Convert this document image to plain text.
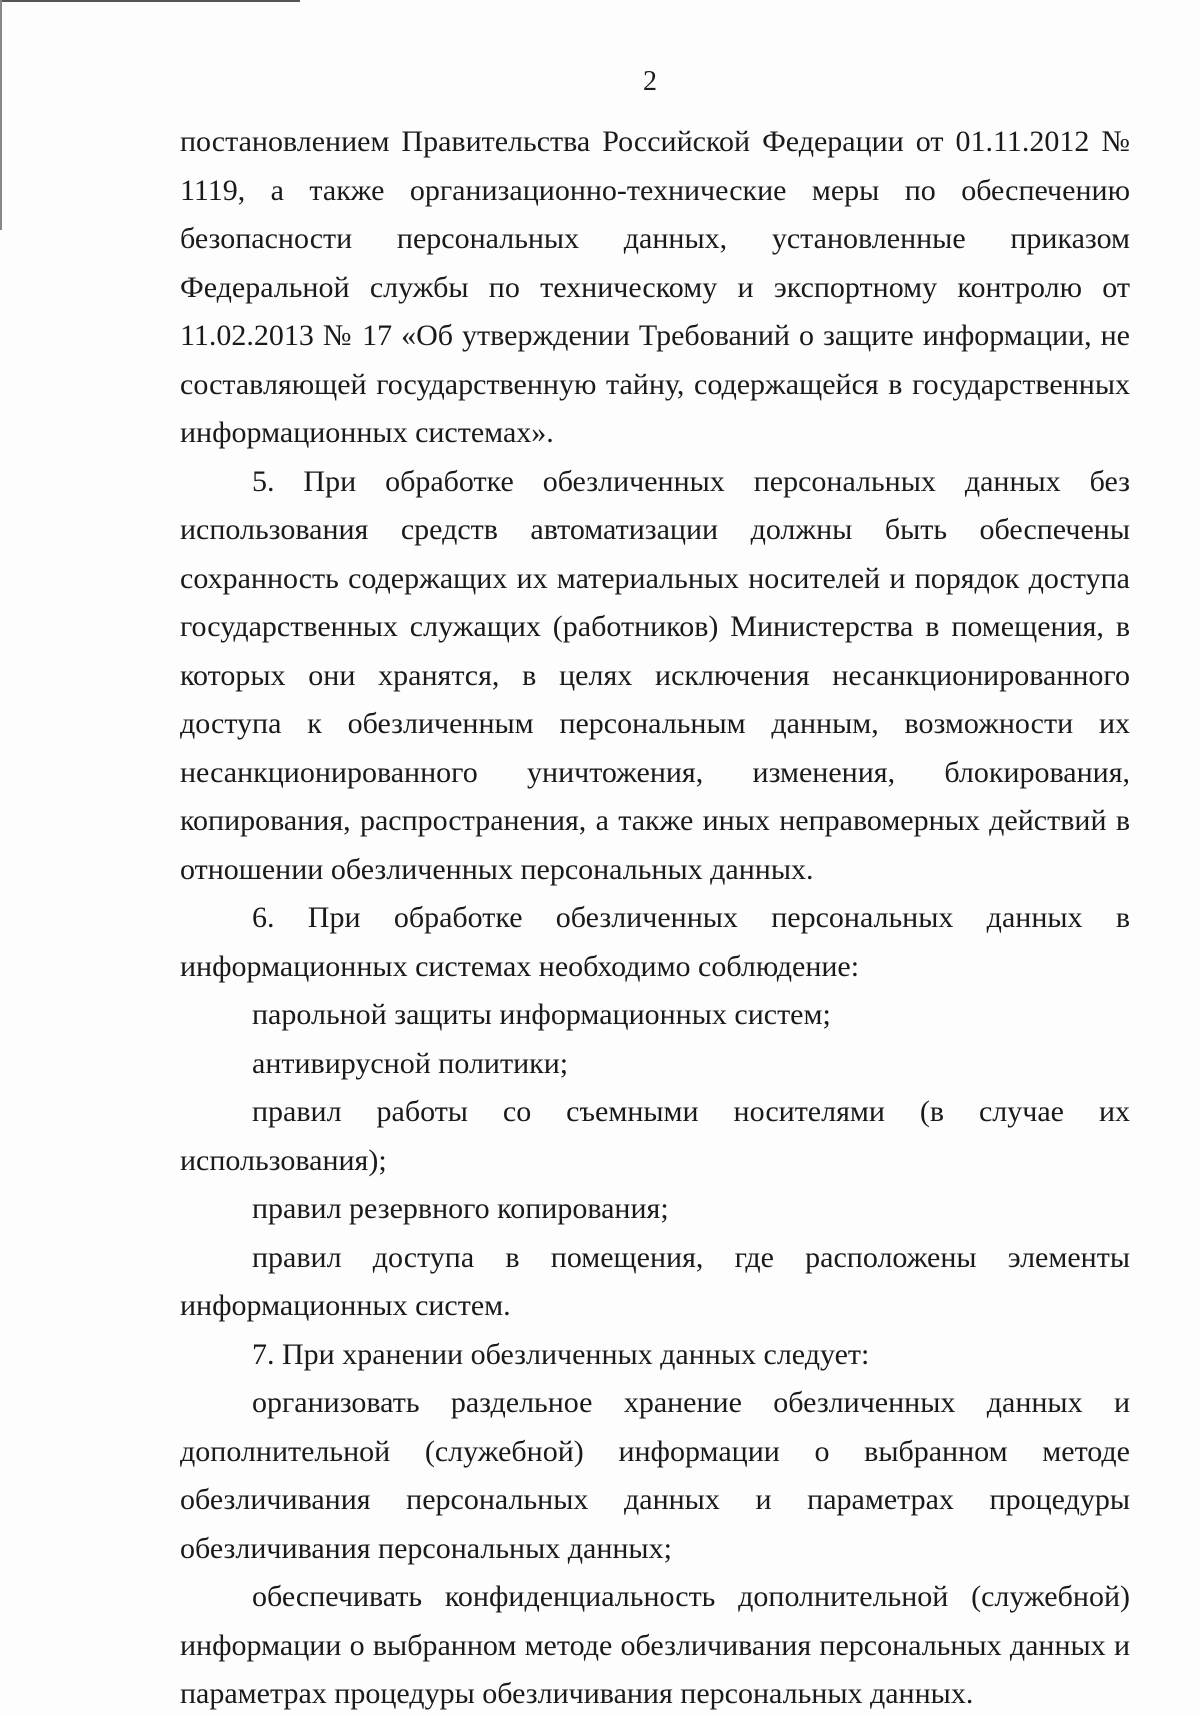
2

постановлением Правительства Российской Федерации от 01.11.2012 № 1119, а также организационно-технические меры по обеспечению безопасности персональных данных, установленные приказом Федеральной службы по техническому и экспортному контролю от 11.02.2013 № 17 «Об утверждении Требований о защите информации, не составляющей государственную тайну, содержащейся в государственных информационных системах».

5. При обработке обезличенных персональных данных без использования средств автоматизации должны быть обеспечены сохранность содержащих их материальных носителей и порядок доступа государственных служащих (работников) Министерства в помещения, в которых они хранятся, в целях исключения несанкционированного доступа к обезличенным персональным данным, возможности их несанкционированного уничтожения, изменения, блокирования, копирования, распространения, а также иных неправомерных действий в отношении обезличенных персональных данных.

6. При обработке обезличенных персональных данных в информационных системах необходимо соблюдение:

парольной защиты информационных систем;

антивирусной политики;

правил работы со съемными носителями (в случае их использования);

правил резервного копирования;

правил доступа в помещения, где расположены элементы информационных систем.

7. При хранении обезличенных данных следует:

организовать раздельное хранение обезличенных данных и дополнительной (служебной) информации о выбранном методе обезличивания персональных данных и параметрах процедуры обезличивания персональных данных;

обеспечивать конфиденциальность дополнительной (служебной) информации о выбранном методе обезличивания персональных данных и параметрах процедуры обезличивания персональных данных.
